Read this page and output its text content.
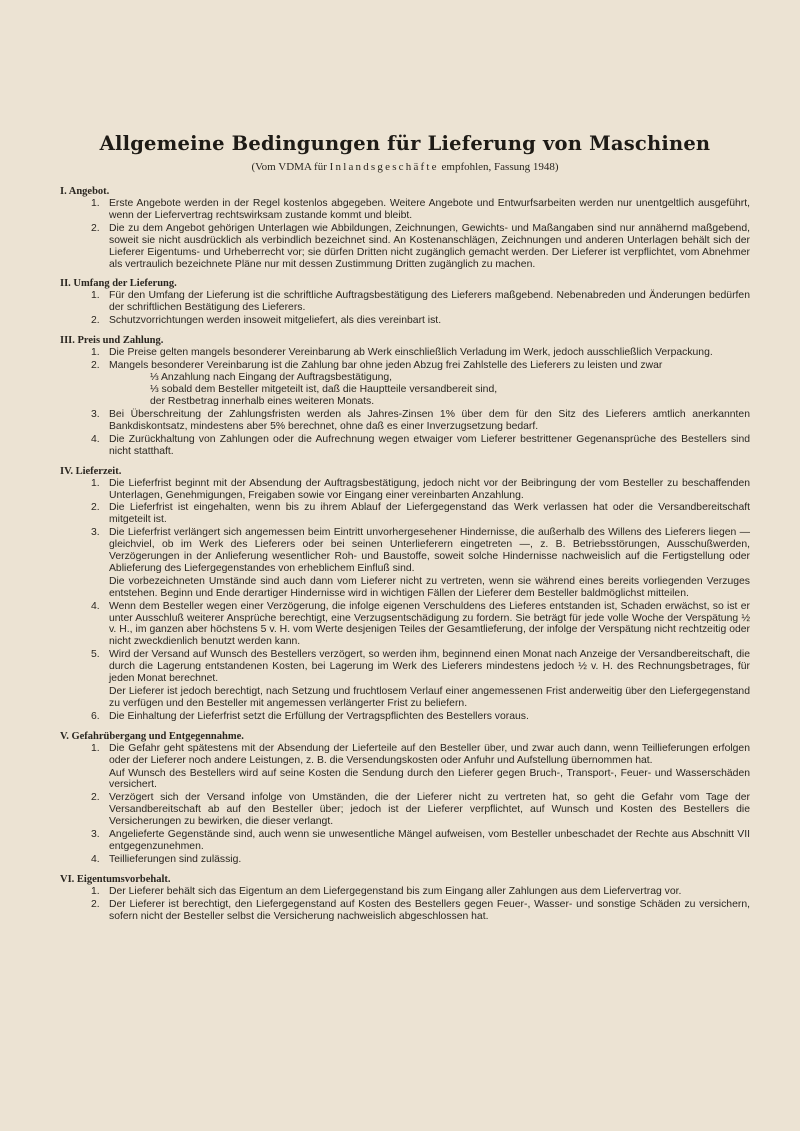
Allgemeine Bedingungen für Lieferung von Maschinen
(Vom VDMA für Inlandsgeschäfte empfohlen, Fassung 1948)
I. Angebot.
1. Erste Angebote werden in der Regel kostenlos abgegeben. Weitere Angebote und Entwurfsarbeiten werden nur unentgeltlich ausgeführt, wenn der Liefervertrag rechtswirksam zustande kommt und bleibt.
2. Die zu dem Angebot gehörigen Unterlagen wie Abbildungen, Zeichnungen, Gewichts- und Maßangaben sind nur annähernd maßgebend, soweit sie nicht ausdrücklich als verbindlich bezeichnet sind. An Kostenanschlägen, Zeichnungen und anderen Unterlagen behält sich der Lieferer Eigentums- und Urheberrecht vor; sie dürfen Dritten nicht zugänglich gemacht werden. Der Lieferer ist verpflichtet, vom Abnehmer als vertraulich bezeichnete Pläne nur mit dessen Zustimmung Dritten zugänglich zu machen.
II. Umfang der Lieferung.
1. Für den Umfang der Lieferung ist die schriftliche Auftragsbestätigung des Lieferers maßgebend. Nebenabreden und Änderungen bedürfen der schriftlichen Bestätigung des Lieferers.
2. Schutzvorrichtungen werden insoweit mitgeliefert, als dies vereinbart ist.
III. Preis und Zahlung.
1. Die Preise gelten mangels besonderer Vereinbarung ab Werk einschließlich Verladung im Werk, jedoch ausschließlich Verpackung.
2. Mangels besonderer Vereinbarung ist die Zahlung bar ohne jeden Abzug frei Zahlstelle des Lieferers zu leisten und zwar
⅓ Anzahlung nach Eingang der Auftragsbestätigung,
⅓ sobald dem Besteller mitgeteilt ist, daß die Hauptteile versandbereit sind,
der Restbetrag innerhalb eines weiteren Monats.
3. Bei Überschreitung der Zahlungsfristen werden als Jahres-Zinsen 1% über dem für den Sitz des Lieferers amtlich anerkannten Bankdiskontsatz, mindestens aber 5% berechnet, ohne daß es einer Inverzugsetzung bedarf.
4. Die Zurückhaltung von Zahlungen oder die Aufrechnung wegen etwaiger vom Lieferer bestrittener Gegenansprüche des Bestellers sind nicht statthaft.
IV. Lieferzeit.
1. Die Lieferfrist beginnt mit der Absendung der Auftragsbestätigung, jedoch nicht vor der Beibringung der vom Besteller zu beschaffenden Unterlagen, Genehmigungen, Freigaben sowie vor Eingang einer vereinbarten Anzahlung.
2. Die Lieferfrist ist eingehalten, wenn bis zu ihrem Ablauf der Liefergegenstand das Werk verlassen hat oder die Versandbereitschaft mitgeteilt ist.
3. Die Lieferfrist verlängert sich angemessen beim Eintritt unvorhergesehener Hindernisse, die außerhalb des Willens des Lieferers liegen — gleichviel, ob im Werk des Lieferers oder bei seinen Unterlieferern eingetreten —, z. B. Betriebsstörungen, Ausschußwerden, Verzögerungen in der Anlieferung wesentlicher Roh- und Baustoffe, soweit solche Hindernisse nachweislich auf die Fertigstellung oder Ablieferung des Liefergegenstandes von erheblichem Einfluß sind.
Die vorbezeichneten Umstände sind auch dann vom Lieferer nicht zu vertreten, wenn sie während eines bereits vorliegenden Verzuges entstehen. Beginn und Ende derartiger Hindernisse wird in wichtigen Fällen der Lieferer dem Besteller baldmöglichst mitteilen.
4. Wenn dem Besteller wegen einer Verzögerung, die infolge eigenen Verschuldens des Lieferes entstanden ist, Schaden erwächst, so ist er unter Ausschluß weiterer Ansprüche berechtigt, eine Verzugsentschädigung zu fordern. Sie beträgt für jede volle Woche der Verspätung ½ v. H., im ganzen aber höchstens 5 v. H. vom Werte desjenigen Teiles der Gesamtlieferung, der infolge der Verspätung nicht rechtzeitig oder nicht zweckdienlich benutzt werden kann.
5. Wird der Versand auf Wunsch des Bestellers verzögert, so werden ihm, beginnend einen Monat nach Anzeige der Versandbereitschaft, die durch die Lagerung entstandenen Kosten, bei Lagerung im Werk des Lieferers mindestens jedoch ½ v. H. des Rechnungsbetrages, für jeden Monat berechnet.
Der Lieferer ist jedoch berechtigt, nach Setzung und fruchtlosem Verlauf einer angemessenen Frist anderweitig über den Liefergegenstand zu verfügen und den Besteller mit angemessen verlängerter Frist zu beliefern.
6. Die Einhaltung der Lieferfrist setzt die Erfüllung der Vertragspflichten des Bestellers voraus.
V. Gefahrübergang und Entgegennahme.
1. Die Gefahr geht spätestens mit der Absendung der Lieferteile auf den Besteller über, und zwar auch dann, wenn Teillieferungen erfolgen oder der Lieferer noch andere Leistungen, z. B. die Versendungskosten oder Anfuhr und Aufstellung übernommen hat.
Auf Wunsch des Bestellers wird auf seine Kosten die Sendung durch den Lieferer gegen Bruch-, Transport-, Feuer- und Wasserschäden versichert.
2. Verzögert sich der Versand infolge von Umständen, die der Lieferer nicht zu vertreten hat, so geht die Gefahr vom Tage der Versandbereitschaft ab auf den Besteller über; jedoch ist der Lieferer verpflichtet, auf Wunsch und Kosten des Bestellers die Versicherungen zu bewirken, die dieser verlangt.
3. Angelieferte Gegenstände sind, auch wenn sie unwesentliche Mängel aufweisen, vom Besteller unbeschadet der Rechte aus Abschnitt VII entgegenzunehmen.
4. Teillieferungen sind zulässig.
VI. Eigentumsvorbehalt.
1. Der Lieferer behält sich das Eigentum an dem Liefergegenstand bis zum Eingang aller Zahlungen aus dem Liefervertrag vor.
2. Der Lieferer ist berechtigt, den Liefergegenstand auf Kosten des Bestellers gegen Feuer-, Wasser- und sonstige Schäden zu versichern, sofern nicht der Besteller selbst die Versicherung nachweislich abgeschlossen hat.
